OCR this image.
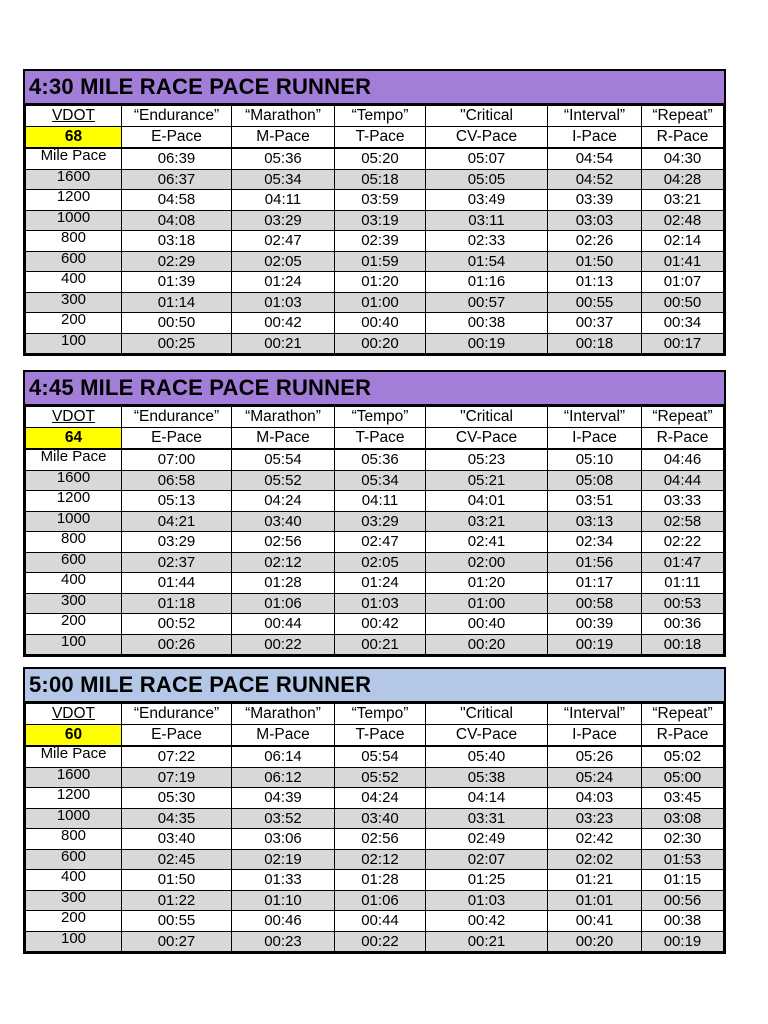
4:30 MILE RACE PACE RUNNER
VDOT	“Endurance”	“Marathon”	“Tempo”	"Critical	“Interval”	“Repeat”
68	E-Pace	M-Pace	T-Pace	CV-Pace	I-Pace	R-Pace
Mile Pace	06:39	05:36	05:20	05:07	04:54	04:30
1600	06:37	05:34	05:18	05:05	04:52	04:28
1200	04:58	04:11	03:59	03:49	03:39	03:21
1000	04:08	03:29	03:19	03:11	03:03	02:48
800	03:18	02:47	02:39	02:33	02:26	02:14
600	02:29	02:05	01:59	01:54	01:50	01:41
400	01:39	01:24	01:20	01:16	01:13	01:07
300	01:14	01:03	01:00	00:57	00:55	00:50
200	00:50	00:42	00:40	00:38	00:37	00:34
100	00:25	00:21	00:20	00:19	00:18	00:17
4:45 MILE RACE PACE RUNNER
VDOT	“Endurance”	“Marathon”	“Tempo”	"Critical	“Interval”	“Repeat”
64	E-Pace	M-Pace	T-Pace	CV-Pace	I-Pace	R-Pace
Mile Pace	07:00	05:54	05:36	05:23	05:10	04:46
1600	06:58	05:52	05:34	05:21	05:08	04:44
1200	05:13	04:24	04:11	04:01	03:51	03:33
1000	04:21	03:40	03:29	03:21	03:13	02:58
800	03:29	02:56	02:47	02:41	02:34	02:22
600	02:37	02:12	02:05	02:00	01:56	01:47
400	01:44	01:28	01:24	01:20	01:17	01:11
300	01:18	01:06	01:03	01:00	00:58	00:53
200	00:52	00:44	00:42	00:40	00:39	00:36
100	00:26	00:22	00:21	00:20	00:19	00:18
5:00 MILE RACE PACE RUNNER
VDOT	“Endurance”	“Marathon”	“Tempo”	"Critical	“Interval”	“Repeat”
60	E-Pace	M-Pace	T-Pace	CV-Pace	I-Pace	R-Pace
Mile Pace	07:22	06:14	05:54	05:40	05:26	05:02
1600	07:19	06:12	05:52	05:38	05:24	05:00
1200	05:30	04:39	04:24	04:14	04:03	03:45
1000	04:35	03:52	03:40	03:31	03:23	03:08
800	03:40	03:06	02:56	02:49	02:42	02:30
600	02:45	02:19	02:12	02:07	02:02	01:53
400	01:50	01:33	01:28	01:25	01:21	01:15
300	01:22	01:10	01:06	01:03	01:01	00:56
200	00:55	00:46	00:44	00:42	00:41	00:38
100	00:27	00:23	00:22	00:21	00:20	00:19
